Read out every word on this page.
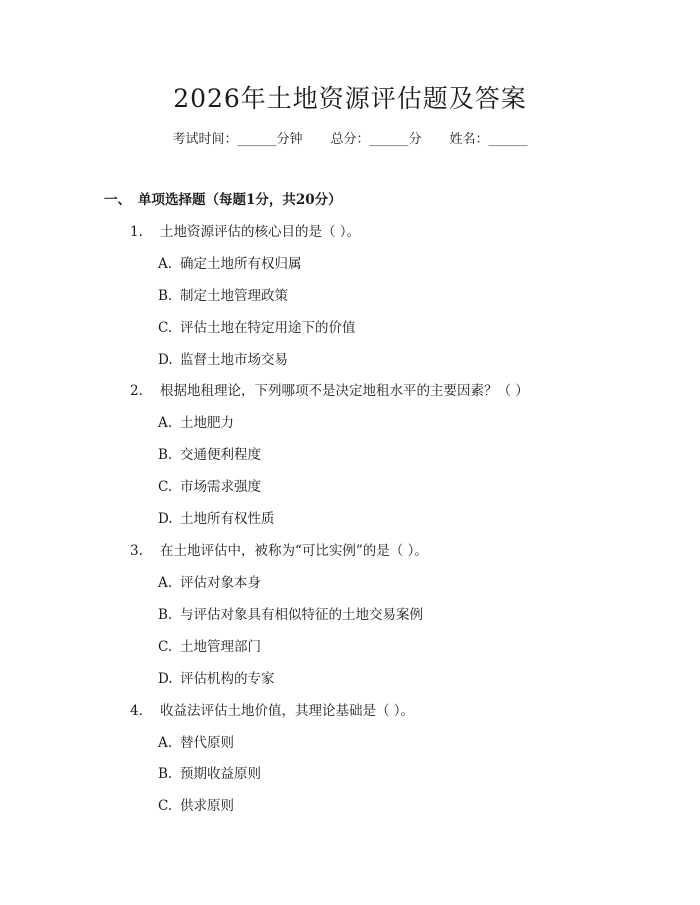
2026年土地资源评估题及答案
考试时间：______分钟 总分：______分 姓名：______
一、 单项选择题（每题1分，共20分）
1. 土地资源评估的核心目的是（ ）。
A. 确定土地所有权归属
B. 制定土地管理政策
C. 评估土地在特定用途下的价值
D. 监督土地市场交易
2. 根据地租理论，下列哪项不是决定地租水平的主要因素？（ ）
A. 土地肥力
B. 交通便利程度
C. 市场需求强度
D. 土地所有权性质
3. 在土地评估中，被称为“可比实例”的是（ ）。
A. 评估对象本身
B. 与评估对象具有相似特征的土地交易案例
C. 土地管理部门
D. 评估机构的专家
4. 收益法评估土地价值，其理论基础是（ ）。
A. 替代原则
B. 预期收益原则
C. 供求原则
